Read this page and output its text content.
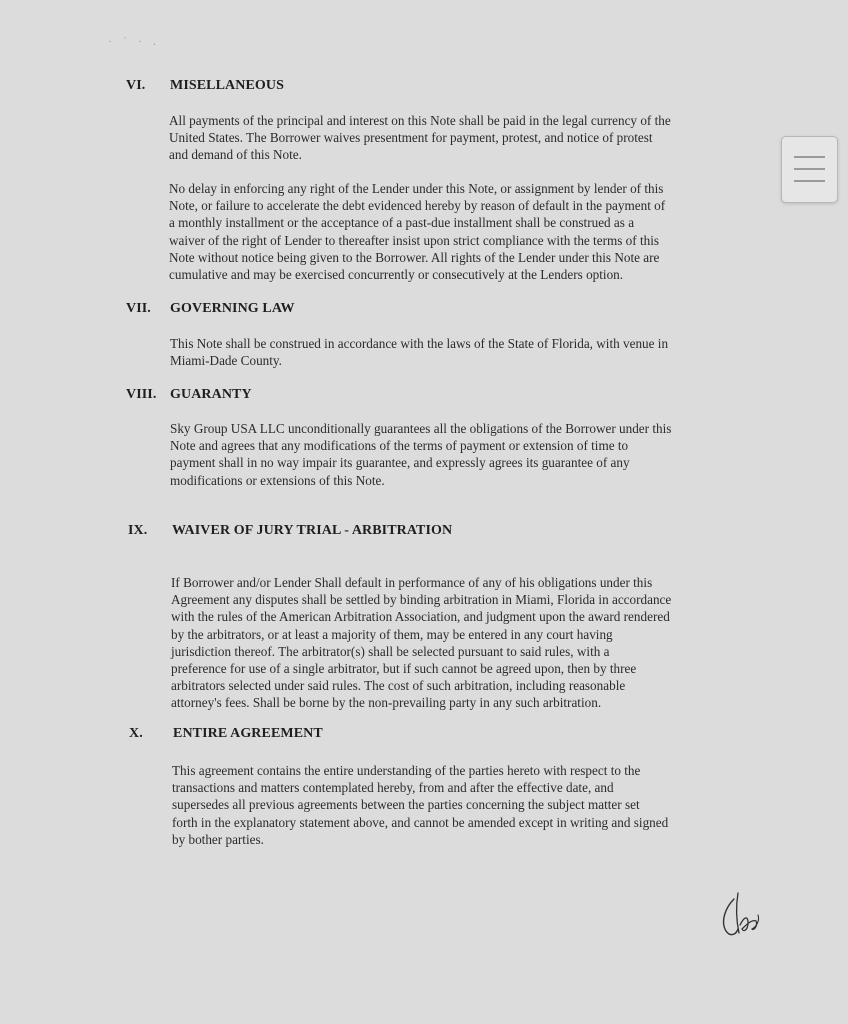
· ˙ · .
VI.	MISELLANEOUS
All payments of the principal and interest on this Note shall be paid in the legal currency of the
United States. The Borrower waives presentment for payment, protest, and notice of protest
and demand of this Note.
No delay in enforcing any right of the Lender under this Note, or assignment by lender of this
Note, or failure to accelerate the debt evidenced hereby by reason of default in the payment of
a monthly installment or the acceptance of a past-due installment shall be construed as a
waiver of the right of Lender to thereafter insist upon strict compliance with the terms of this
Note without notice being given to the Borrower. All rights of the Lender under this Note are
cumulative and may be exercised concurrently or consecutively at the Lenders option.
VII.	GOVERNING LAW
This Note shall be construed in accordance with the laws of the State of Florida, with venue in
Miami-Dade County.
VIII. GUARANTY
Sky Group USA LLC unconditionally guarantees all the obligations of the Borrower under this
Note and agrees that any modifications of the terms of payment or extension of time to
payment shall in no way impair its guarantee, and expressly agrees its guarantee of any
modifications or extensions of this Note.
IX.	WAIVER OF JURY TRIAL - ARBITRATION
If Borrower and/or Lender Shall default in performance of any of his obligations under this
Agreement any disputes shall be settled by binding arbitration in Miami, Florida in accordance
with the rules of the American Arbitration Association, and judgment upon the award rendered
by the arbitrators, or at least a majority of them, may be entered in any court having
jurisdiction thereof. The arbitrator(s) shall be selected pursuant to said rules, with a
preference for use of a single arbitrator, but if such cannot be agreed upon, then by three
arbitrators selected under said rules. The cost of such arbitration, including reasonable
attorney's fees. Shall be borne by the non-prevailing party in any such arbitration.
X.	ENTIRE AGREEMENT
This agreement contains the entire understanding of the parties hereto with respect to the
transactions and matters contemplated hereby, from and after the effective date, and
supersedes all previous agreements between the parties concerning the subject matter set
forth in the explanatory statement above, and cannot be amended except in writing and signed
by bother parties.
